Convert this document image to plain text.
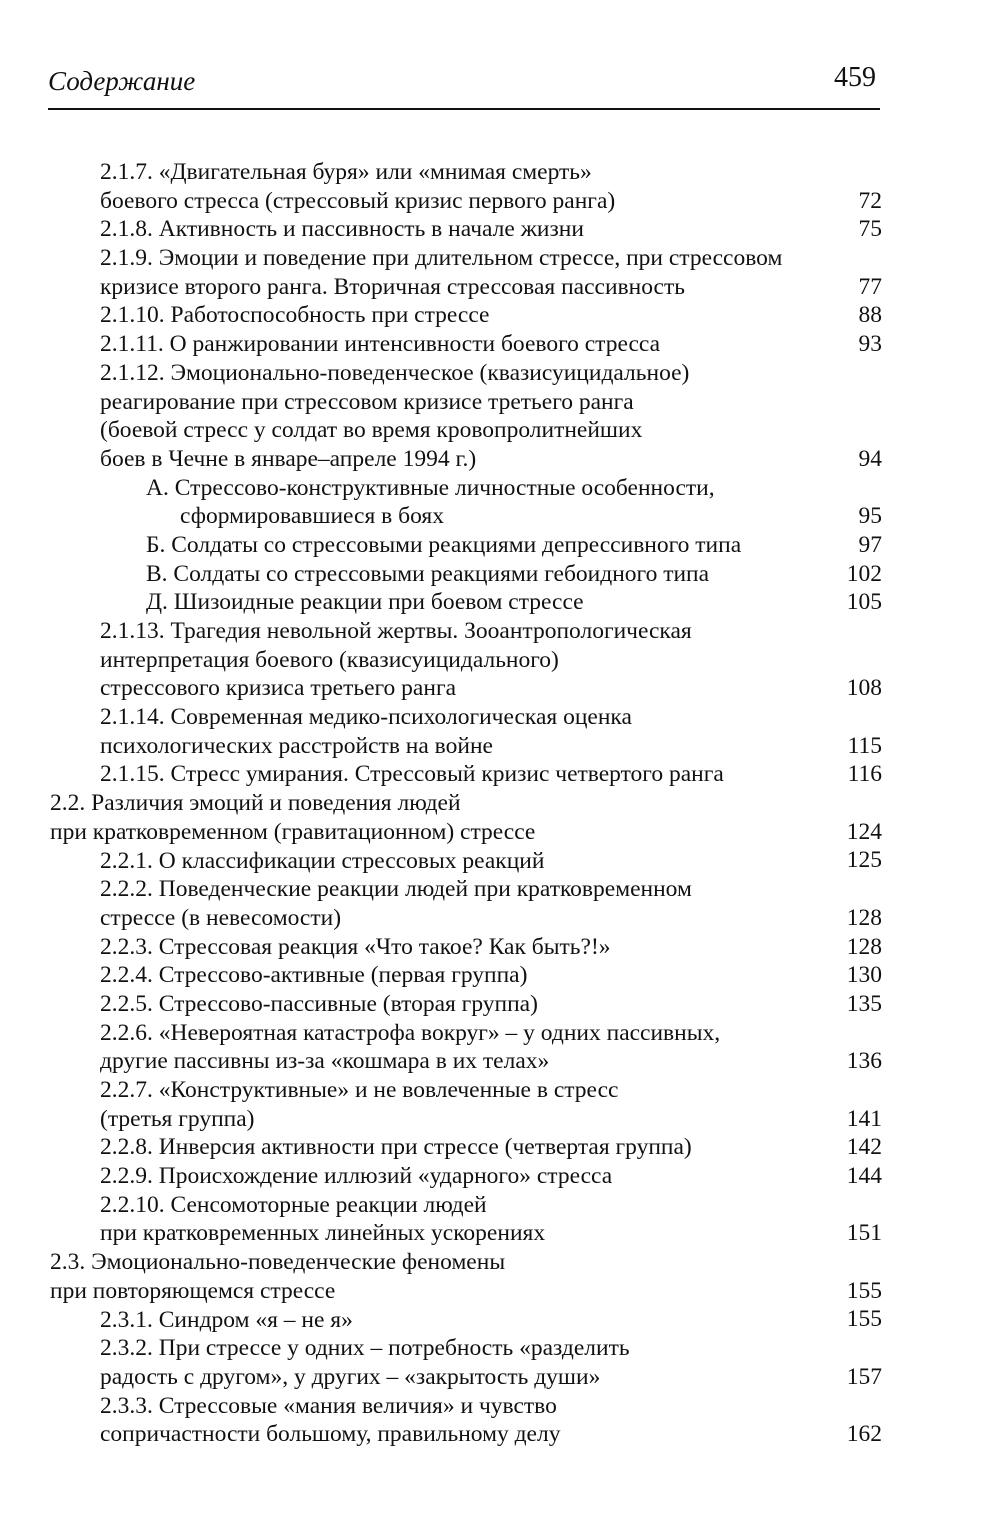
Содержание	459
2.1.7. «Двигательная буря» или «мнимая смерть»
боевого стресса (стрессовый кризис первого ранга)	72
2.1.8. Активность и пассивность в начале жизни	75
2.1.9. Эмоции и поведение при длительном стрессе, при стрессовом
кризисе второго ранга. Вторичная стрессовая пассивность	77
2.1.10. Работоспособность при стрессе	88
2.1.11. О ранжировании интенсивности боевого стресса	93
2.1.12. Эмоционально-поведенческое (квазисуицидальное)
реагирование при стрессовом кризисе третьего ранга
(боевой стресс у солдат во время кровопролитнейших
боев в Чечне в январе–апреле 1994 г.)	94
А. Стрессово-конструктивные личностные особенности,
сформировавшиеся в боях	95
Б. Солдаты со стрессовыми реакциями депрессивного типа	97
В. Солдаты со стрессовыми реакциями гебоидного типа	102
Д. Шизоидные реакции при боевом стрессе	105
2.1.13. Трагедия невольной жертвы. Зооантропологическая
интерпретация боевого (квазисуицидального)
стрессового кризиса третьего ранга	108
2.1.14. Современная медико-психологическая оценка
психологических расстройств на войне	115
2.1.15. Стресс умирания. Стрессовый кризис четвертого ранга	116
2.2. Различия эмоций и поведения людей
при кратковременном (гравитационном) стрессе	124
2.2.1. О классификации стрессовых реакций	125
2.2.2. Поведенческие реакции людей при кратковременном
стрессе (в невесомости)	128
2.2.3. Стрессовая реакция «Что такое? Как быть?!»	128
2.2.4. Стрессово-активные (первая группа)	130
2.2.5. Стрессово-пассивные (вторая группа)	135
2.2.6. «Невероятная катастрофа вокруг» – у одних пассивных,
другие пассивны из-за «кошмара в их телах»	136
2.2.7. «Конструктивные» и не вовлеченные в стресс
(третья группа)	141
2.2.8. Инверсия активности при стрессе (четвертая группа)	142
2.2.9. Происхождение иллюзий «ударного» стресса	144
2.2.10. Сенсомоторные реакции людей
при кратковременных линейных ускорениях	151
2.3. Эмоционально-поведенческие феномены
при повторяющемся стрессе	155
2.3.1. Синдром «я – не я»	155
2.3.2. При стрессе у одних – потребность «разделить
радость с другом», у других – «закрытость души»	157
2.3.3. Стрессовые «мания величия» и чувство
сопричастности большому, правильному делу	162
